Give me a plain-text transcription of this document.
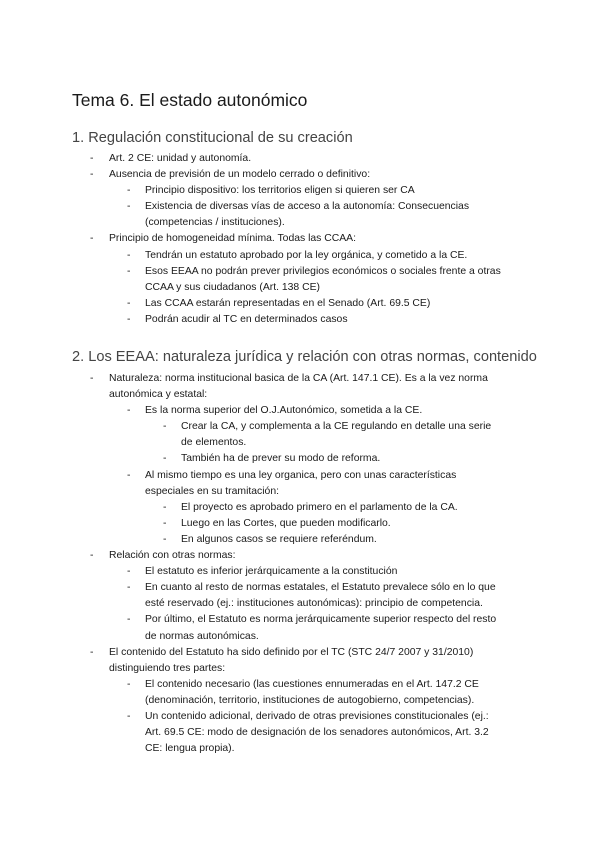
Tema 6. El estado autonómico
1. Regulación constitucional de su creación
- Art. 2 CE: unidad y autonomía.
- Ausencia de previsión de un modelo cerrado o definitivo:
- Principio dispositivo: los territorios eligen si quieren ser CA
- Existencia de diversas vías de acceso a la autonomía: Consecuencias
(competencias / instituciones).
- Principio de homogeneidad mínima. Todas las CCAA:
- Tendrán un estatuto aprobado por la ley orgánica, y cometido a la CE.
- Esos EEAA no podrán prever privilegios económicos o sociales frente a otras
CCAA y sus ciudadanos (Art. 138 CE)
- Las CCAA estarán representadas en el Senado (Art. 69.5 CE)
- Podrán acudir al TC en determinados casos
2. Los EEAA: naturaleza jurídica y relación con otras normas, contenido
- Naturaleza: norma institucional basica de la CA (Art. 147.1 CE). Es a la vez norma
autonómica y estatal:
- Es la norma superior del O.J.Autonómico, sometida a la CE.
- Crear la CA, y complementa a la CE regulando en detalle una serie
de elementos.
- También ha de prever su modo de reforma.
- Al mismo tiempo es una ley organica, pero con unas características
especiales en su tramitación:
- El proyecto es aprobado primero en el parlamento de la CA.
- Luego en las Cortes, que pueden modificarlo.
- En algunos casos se requiere referéndum.
- Relación con otras normas:
- El estatuto es inferior jerárquicamente a la constitución
- En cuanto al resto de normas estatales, el Estatuto prevalece sólo en lo que
esté reservado (ej.: instituciones autonómicas): principio de competencia.
- Por último, el Estatuto es norma jerárquicamente superior respecto del resto
de normas autonómicas.
- El contenido del Estatuto ha sido definido por el TC (STC 24/7 2007 y 31/2010)
distinguiendo tres partes:
- El contenido necesario (las cuestiones ennumeradas en el Art. 147.2 CE
(denominación, territorio, instituciones de autogobierno, competencias).
- Un contenido adicional, derivado de otras previsiones constitucionales (ej.:
Art. 69.5 CE: modo de designación de los senadores autonómicos, Art. 3.2
CE: lengua propia).
